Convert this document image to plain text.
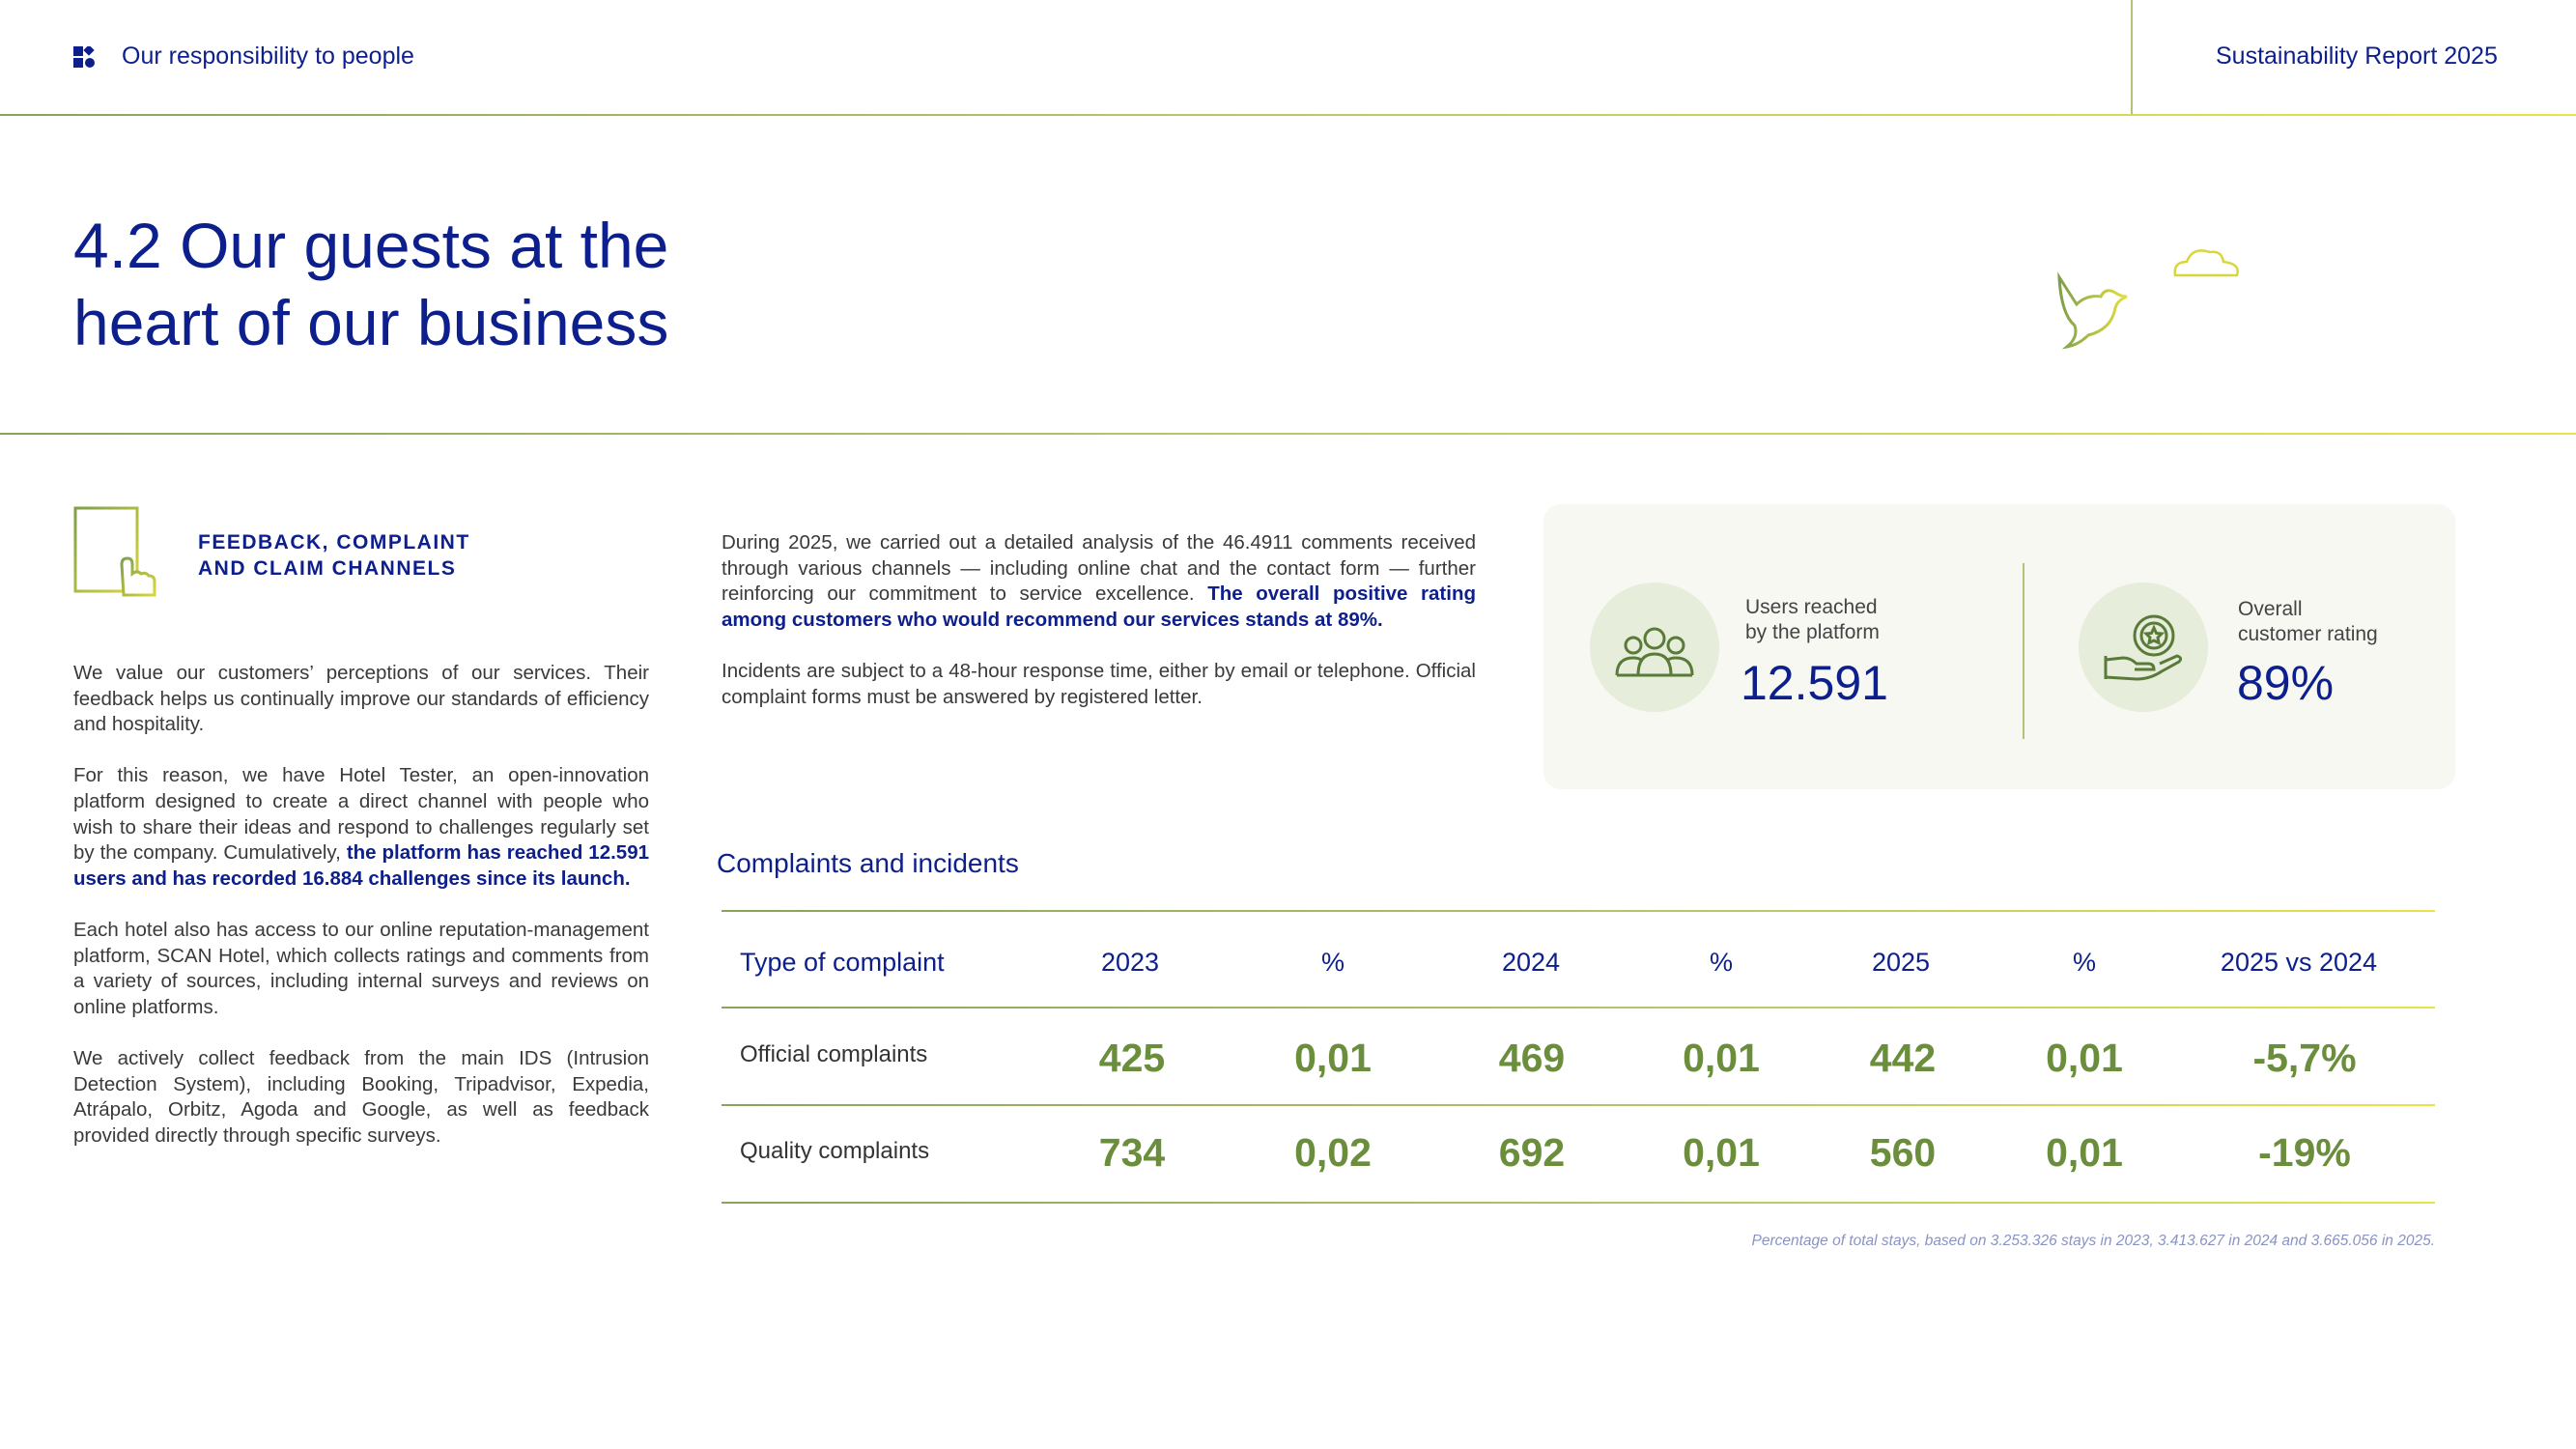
Our responsibility to people	Sustainability Report 2025
4.2 Our guests at the
heart of our business
FEEDBACK, COMPLAINT
AND CLAIM CHANNELS

We value our customers’ perceptions of our services. Their feedback helps us continually improve our standards of efficiency and hospitality.

For this reason, we have Hotel Tester, an open-innovation platform designed to create a direct channel with people who wish to share their ideas and respond to challenges regularly set by the company. Cumulatively, the platform has reached 12.591 users and has recorded 16.884 challenges since its launch.

Each hotel also has access to our online reputation-management platform, SCAN Hotel, which collects ratings and comments from a variety of sources, including internal surveys and reviews on online platforms.

We actively collect feedback from the main IDS (Intrusion Detection System), including Booking, Tripadvisor, Expedia, Atrápalo, Orbitz, Agoda and Google, as well as feedback provided directly through specific surveys.

During 2025, we carried out a detailed analysis of the 46.4911 comments received through various channels — including online chat and the contact form — further reinforcing our commitment to service excellence. The overall positive rating among customers who would recommend our services stands at 89%.

Incidents are subject to a 48-hour response time, either by email or telephone. Official complaint forms must be answered by registered letter.

Users reached
by the platform
12.591
Overall
customer rating
89%
Complaints and incidents
Type of complaint	2023	%	2024	%	2025	%	2025 vs 2024
Official complaints	425	0,01	469	0,01	442	0,01	-5,7%
Quality complaints	734	0,02	692	0,01	560	0,01	-19%
Percentage of total stays, based on 3.253.326 stays in 2023, 3.413.627 in 2024 and 3.665.056 in 2025.
